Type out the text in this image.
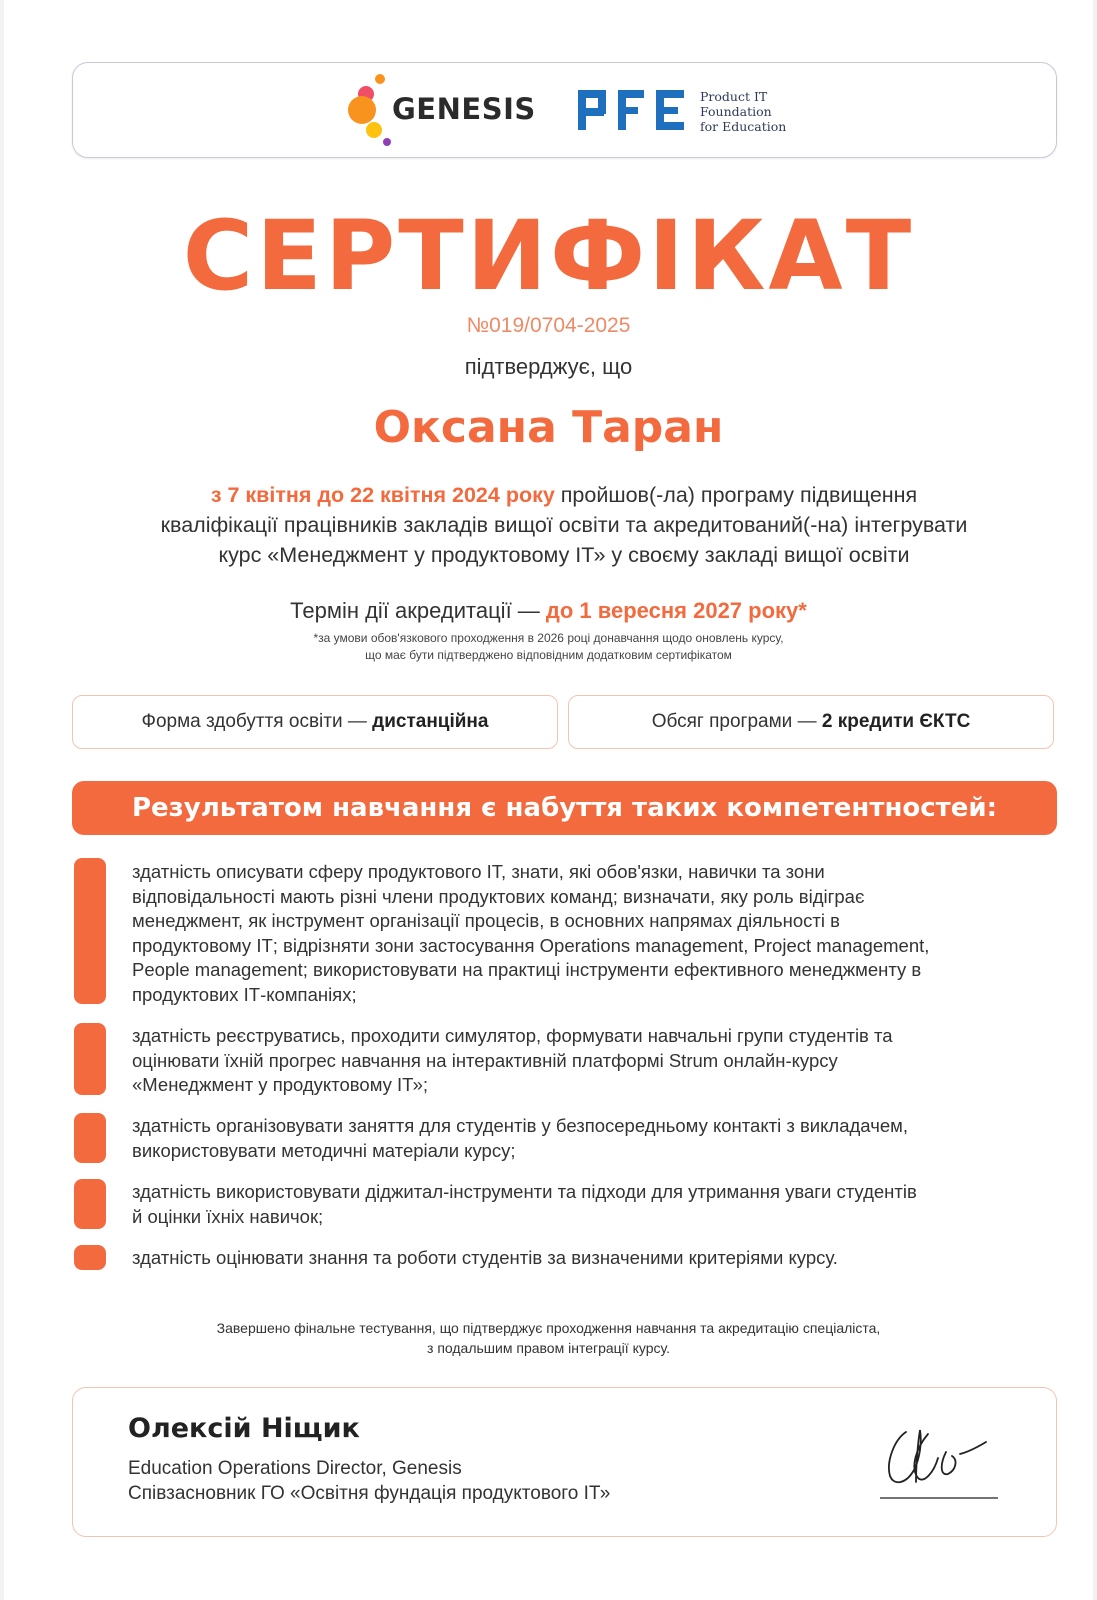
GENESIS	Product IT
Foundation
for Education
СЕРТИФІКАТ
№019/0704-2025
підтверджує, що
Оксана Таран
з 7 квітня до 22 квітня 2024 року пройшов(-ла) програму підвищення
кваліфікації працівників закладів вищої освіти та акредитований(-на) інтегрувати
курс «Менеджмент у продуктовому ІТ» у своєму закладі вищої освіти
Термін дії акредитації — до 1 вересня 2027 року*
*за умови обов'язкового проходження в 2026 році донавчання щодо оновлень курсу,
що має бути підтверджено відповідним додатковим сертифікатом
Форма здобуття освіти — дистанційна	Обсяг програми — 2 кредити ЄКТС
Результатом навчання є набуття таких компетентностей:
здатність описувати сферу продуктового ІТ, знати, які обов'язки, навички та зони
відповідальності мають різні члени продуктових команд; визначати, яку роль відіграє
менеджмент, як інструмент організації процесів, в основних напрямах діяльності в
продуктовому ІТ; відрізняти зони застосування Operations management, Project management,
People management; використовувати на практиці інструменти ефективного менеджменту в
продуктових ІТ-компаніях;
здатність реєструватись, проходити симулятор, формувати навчальні групи студентів та
оцінювати їхній прогрес навчання на інтерактивній платформі Strum онлайн-курсу
«Менеджмент у продуктовому ІТ»;
здатність організовувати заняття для студентів у безпосередньому контакті з викладачем,
використовувати методичні матеріали курсу;
здатність використовувати діджитал-інструменти та підходи для утримання уваги студентів
й оцінки їхніх навичок;
здатність оцінювати знання та роботи студентів за визначеними критеріями курсу.
Завершено фінальне тестування, що підтверджує проходження навчання та акредитацію спеціаліста,
з подальшим правом інтеграції курсу.
Олексій Ніщик
Education Operations Director, Genesis
Співзасновник ГО «Освітня фундація продуктового ІТ»
